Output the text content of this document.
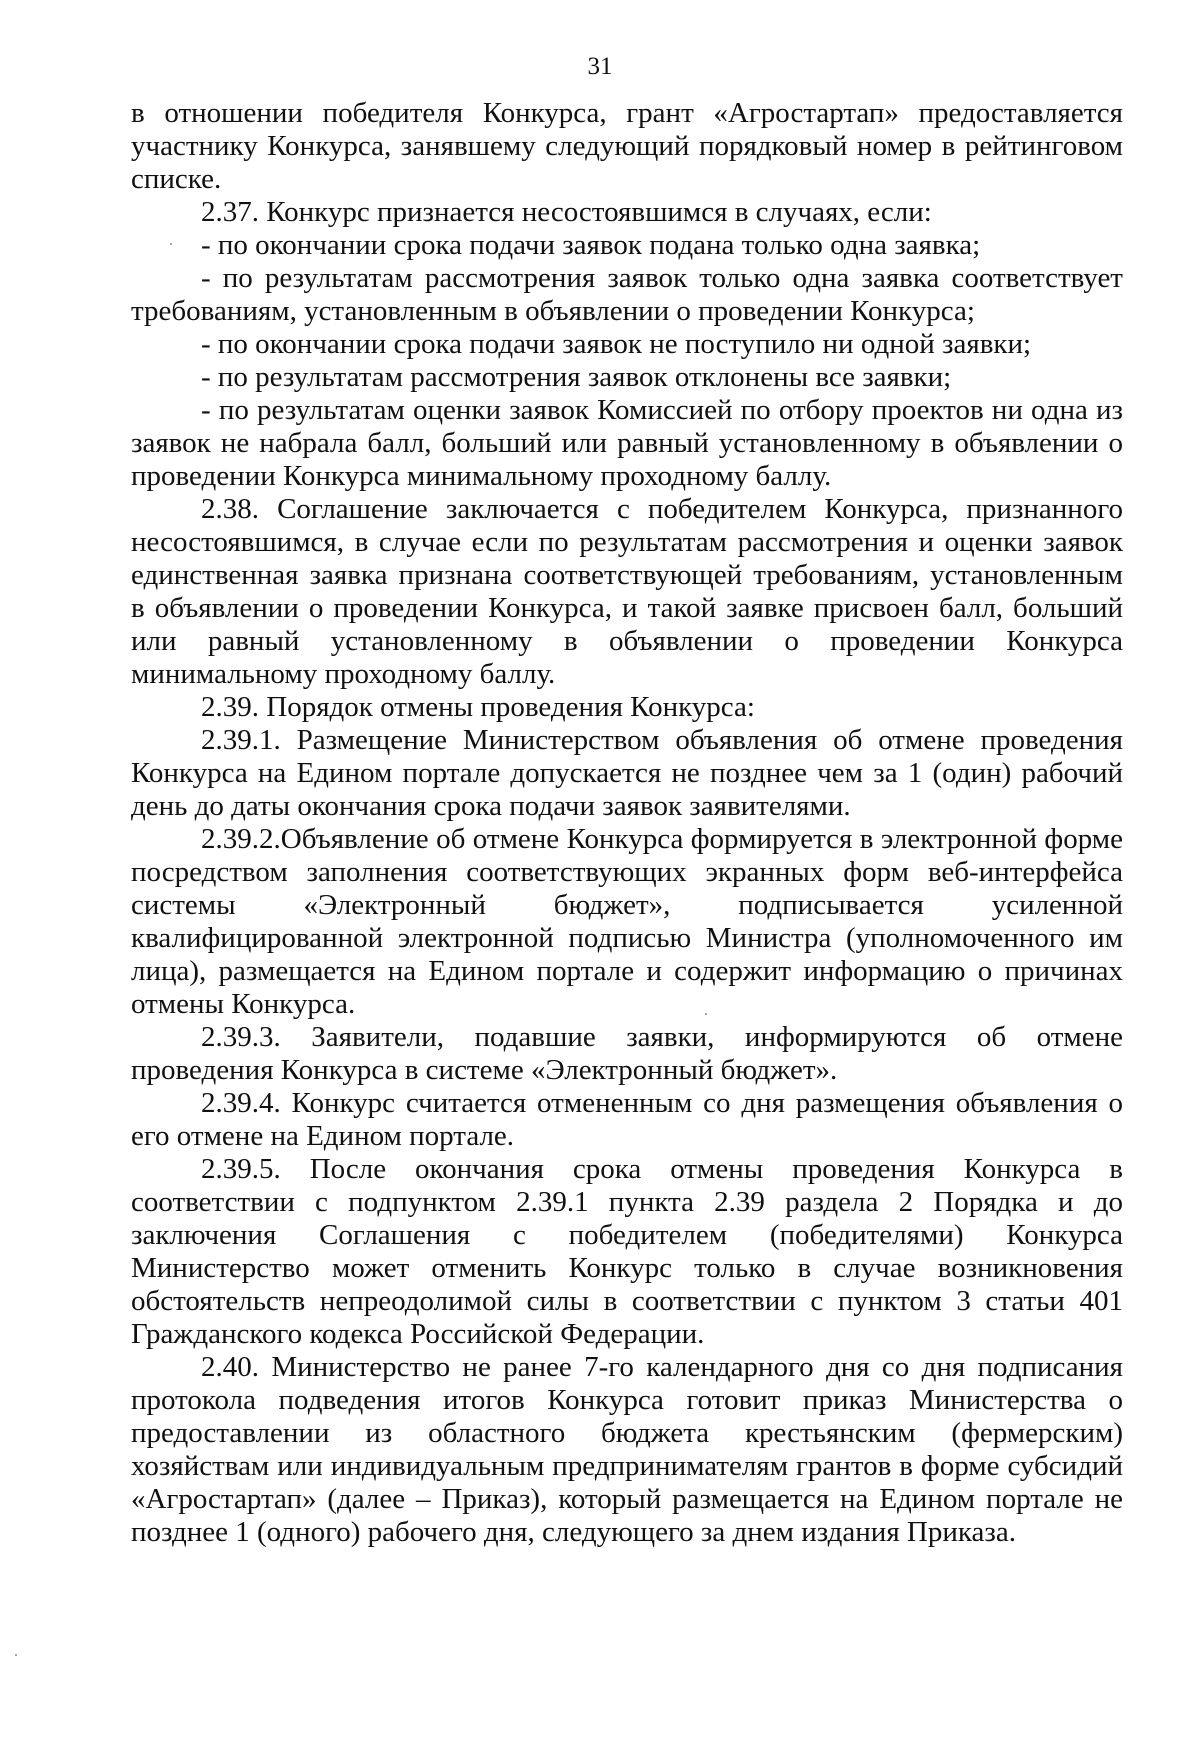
31

в отношении победителя Конкурса, грант «Агростартап» предоставляется участнику Конкурса, занявшему следующий порядковый номер в рейтинговом списке.

2.37. Конкурс признается несостоявшимся в случаях, если:

- по окончании срока подачи заявок подана только одна заявка;

- по результатам рассмотрения заявок только одна заявка соответствует требованиям, установленным в объявлении о проведении Конкурса;

- по окончании срока подачи заявок не поступило ни одной заявки;

- по результатам рассмотрения заявок отклонены все заявки;

- по результатам оценки заявок Комиссией по отбору проектов ни одна из заявок не набрала балл, больший или равный установленному в объявлении о проведении Конкурса минимальному проходному баллу.

2.38. Соглашение заключается с победителем Конкурса, признанного несостоявшимся, в случае если по результатам рассмотрения и оценки заявок единственная заявка признана соответствующей требованиям, установленным в объявлении о проведении Конкурса, и такой заявке присвоен балл, больший или равный установленному в объявлении о проведении Конкурса минимальному проходному баллу.

2.39. Порядок отмены проведения Конкурса:

2.39.1. Размещение Министерством объявления об отмене проведения Конкурса на Едином портале допускается не позднее чем за 1 (один) рабочий день до даты окончания срока подачи заявок заявителями.

2.39.2.Объявление об отмене Конкурса формируется в электронной форме посредством заполнения соответствующих экранных форм веб-интерфейса системы «Электронный бюджет», подписывается усиленной квалифицированной электронной подписью Министра (уполномоченного им лица), размещается на Едином портале и содержит информацию о причинах отмены Конкурса.

2.39.3. Заявители, подавшие заявки, информируются об отмене проведения Конкурса в системе «Электронный бюджет».

2.39.4. Конкурс считается отмененным со дня размещения объявления о его отмене на Едином портале.

2.39.5. После окончания срока отмены проведения Конкурса в соответствии с подпунктом 2.39.1 пункта 2.39 раздела 2 Порядка и до заключения Соглашения с победителем (победителями) Конкурса Министерство может отменить Конкурс только в случае возникновения обстоятельств непреодолимой силы в соответствии с пунктом 3 статьи 401 Гражданского кодекса Российской Федерации.

2.40. Министерство не ранее 7-го календарного дня со дня подписания протокола подведения итогов Конкурса готовит приказ Министерства о предоставлении из областного бюджета крестьянским (фермерским) хозяйствам или индивидуальным предпринимателям грантов в форме субсидий «Агростартап» (далее – Приказ), который размещается на Едином портале не позднее 1 (одного) рабочего дня, следующего за днем издания Приказа.
